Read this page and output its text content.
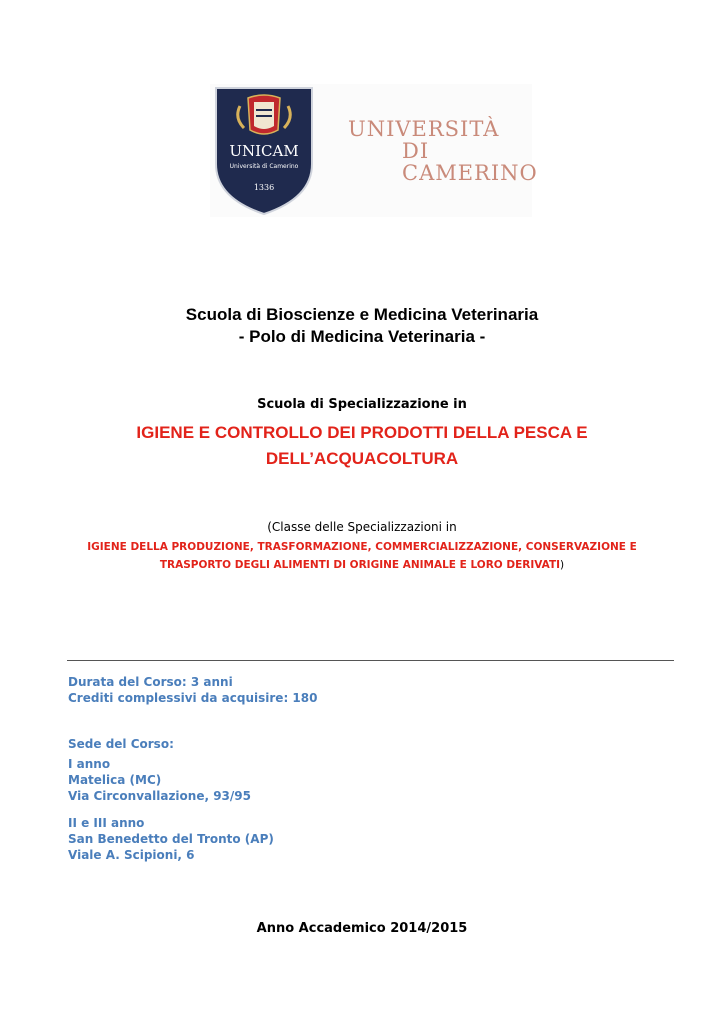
UNICAM
Università di Camerino
1336
UNIVERSITÀ
DI CAMERINO
Scuola di Bioscienze e Medicina Veterinaria
- Polo di Medicina Veterinaria -
Scuola di Specializzazione in
IGIENE E CONTROLLO DEI PRODOTTI DELLA PESCA E
DELL’ACQUACOLTURA
(Classe delle Specializzazioni in
IGIENE DELLA PRODUZIONE, TRASFORMAZIONE, COMMERCIALIZZAZIONE, CONSERVAZIONE E
TRASPORTO DEGLI ALIMENTI DI ORIGINE ANIMALE E LORO DERIVATI)
Durata del Corso: 3 anni
Crediti complessivi da acquisire: 180
Sede del Corso:
I anno
Matelica (MC)
Via Circonvallazione, 93/95
II e III anno
San Benedetto del Tronto (AP)
Viale A. Scipioni, 6
Anno Accademico 2014/2015
